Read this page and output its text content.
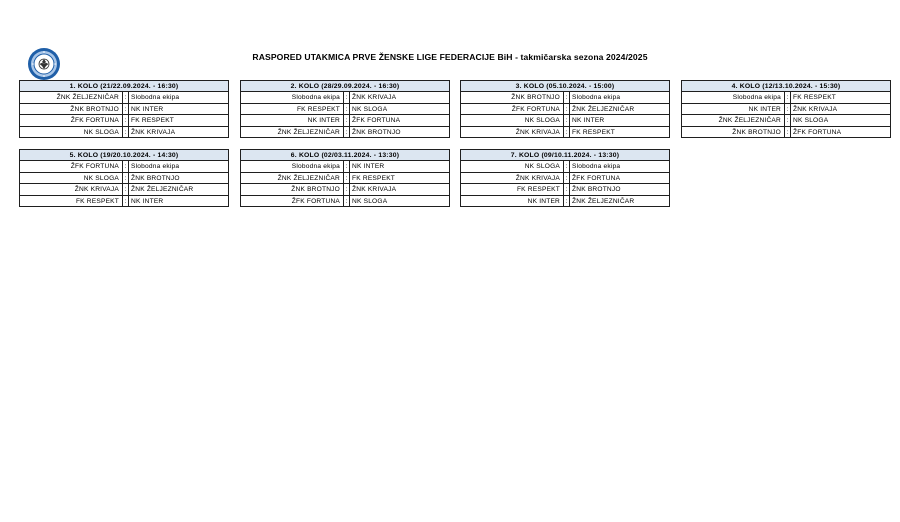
RASPORED UTAKMICA PRVE ŽENSKE LIGE FEDERACIJE BiH - takmičarska sezona 2024/2025
1. KOLO (21/22.09.2024. - 16:30)
ŽNK ŽELJEZNIČAR : Slobodna ekipa
ŽNK BROTNJO : NK INTER
ŽFK FORTUNA : FK RESPEKT
NK SLOGA : ŽNK KRIVAJA
2. KOLO (28/29.09.2024. - 16:30)
Slobodna ekipa : ŽNK KRIVAJA
FK RESPEKT : NK SLOGA
NK INTER : ŽFK FORTUNA
ŽNK ŽELJEZNIČAR : ŽNK BROTNJO
3. KOLO (05.10.2024. - 15:00)
ŽNK BROTNJO : Slobodna ekipa
ŽFK FORTUNA : ŽNK ŽELJEZNIČAR
NK SLOGA : NK INTER
ŽNK KRIVAJA : FK RESPEKT
4. KOLO (12/13.10.2024. - 15:30)
Slobodna ekipa : FK RESPEKT
NK INTER : ŽNK KRIVAJA
ŽNK ŽELJEZNIČAR : NK SLOGA
ŽNK BROTNJO : ŽFK FORTUNA
5. KOLO (19/20.10.2024. - 14:30)
ŽFK FORTUNA : Slobodna ekipa
NK SLOGA : ŽNK BROTNJO
ŽNK KRIVAJA : ŽNK ŽELJEZNIČAR
FK RESPEKT : NK INTER
6. KOLO (02/03.11.2024. - 13:30)
Slobodna ekipa : NK INTER
ŽNK ŽELJEZNIČAR : FK RESPEKT
ŽNK BROTNJO : ŽNK KRIVAJA
ŽFK FORTUNA : NK SLOGA
7. KOLO (09/10.11.2024. - 13:30)
NK SLOGA : Slobodna ekipa
ŽNK KRIVAJA : ŽFK FORTUNA
FK RESPEKT : ŽNK BROTNJO
NK INTER : ŽNK ŽELJEZNIČAR
